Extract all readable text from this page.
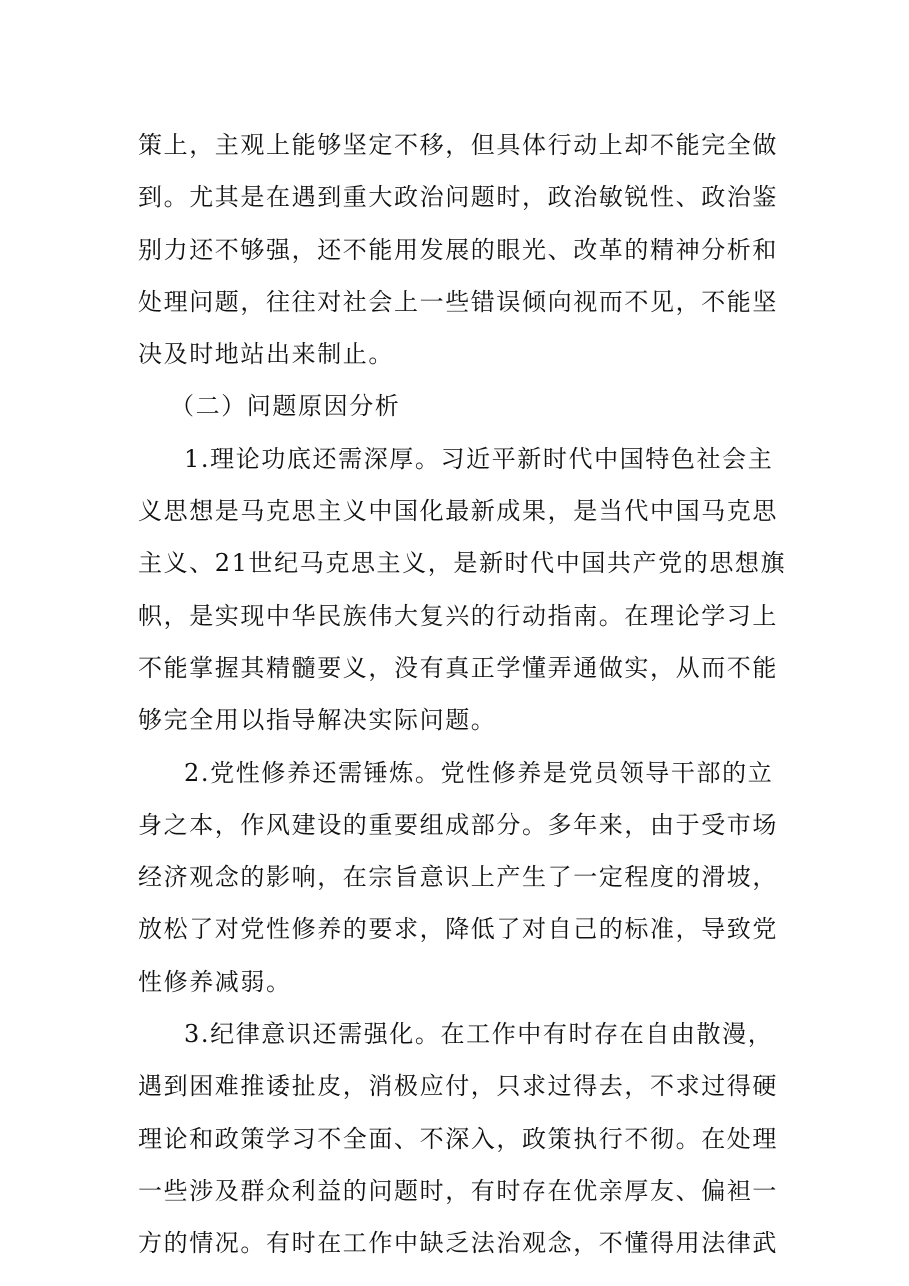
策上，主观上能够坚定不移，但具体行动上却不能完全做
到。尤其是在遇到重大政治问题时，政治敏锐性、政治鉴
别力还不够强，还不能用发展的眼光、改革的精神分析和
处理问题，往往对社会上一些错误倾向视而不见，不能坚
决及时地站出来制止。

（二）问题原因分析

1.理论功底还需深厚。习近平新时代中国特色社会主
义思想是马克思主义中国化最新成果，是当代中国马克思
主义、21世纪马克思主义，是新时代中国共产党的思想旗
帜，是实现中华民族伟大复兴的行动指南。在理论学习上
不能掌握其精髓要义，没有真正学懂弄通做实，从而不能
够完全用以指导解决实际问题。

2.党性修养还需锤炼。党性修养是党员领导干部的立
身之本，作风建设的重要组成部分。多年来，由于受市场
经济观念的影响，在宗旨意识上产生了一定程度的滑坡，
放松了对党性修养的要求，降低了对自己的标准，导致党
性修养减弱。

3.纪律意识还需强化。在工作中有时存在自由散漫，
遇到困难推诿扯皮，消极应付，只求过得去，不求过得硬
理论和政策学习不全面、不深入，政策执行不彻。在处理
一些涉及群众利益的问题时，有时存在优亲厚友、偏袒一
方的情况。有时在工作中缺乏法治观念，不懂得用法律武
